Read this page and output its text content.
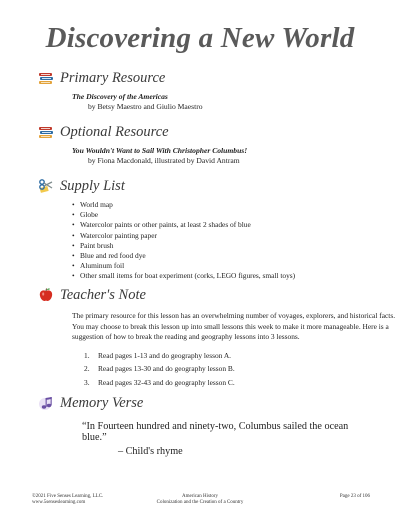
Discovering a New World
Primary Resource
The Discovery of the Americas
by Betsy Maestro and Giulio Maestro
Optional Resource
You Wouldn't Want to Sail With Christopher Columbus!
by Fiona Macdonald, illustrated by David Antram
Supply List
• World map
• Globe
• Watercolor paints or other paints, at least 2 shades of blue
• Watercolor painting paper
• Paint brush
• Blue and red food dye
• Aluminum foil
• Other small items for boat experiment (corks, LEGO figures, small toys)
Teacher's Note

The primary resource for this lesson has an overwhelming number of voyages, explorers, and historical facts. You may choose to break this lesson up into small lessons this week to make it more manageable. Here is a suggestion of how to break the reading and geography lessons into 3 lessons.

1. Read pages 1-13 and do geography lesson A.
2. Read pages 13-30 and do geography lesson B.
3. Read pages 32-43 and do geography lesson C.
Memory Verse
“In Fourteen hundred and ninety-two, Columbus sailed the ocean blue.”
– Child's rhyme
©2021 Five Senses Learning, LLC.
www.5senseslearning.com
American History
Colonization and the Creation of a Country
Page 23 of 106
